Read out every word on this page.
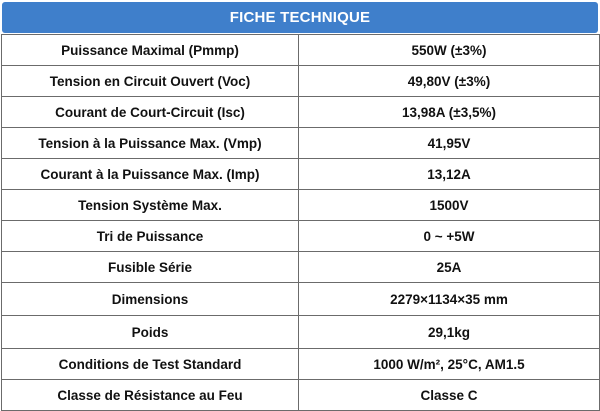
FICHE TECHNIQUE
Puissance Maximal (Pmmp)	550W (±3%)
Tension en Circuit Ouvert (Voc)	49,80V (±3%)
Courant de Court-Circuit (Isc)	13,98A (±3,5%)
Tension à la Puissance Max. (Vmp)	41,95V
Courant à la Puissance Max. (Imp)	13,12A
Tension Système Max.	1500V
Tri de Puissance	0 ~ +5W
Fusible Série	25A
Dimensions	2279×1134×35 mm
Poids	29,1kg
Conditions de Test Standard	1000 W/m², 25°C, AM1.5
Classe de Résistance au Feu	Classe C
